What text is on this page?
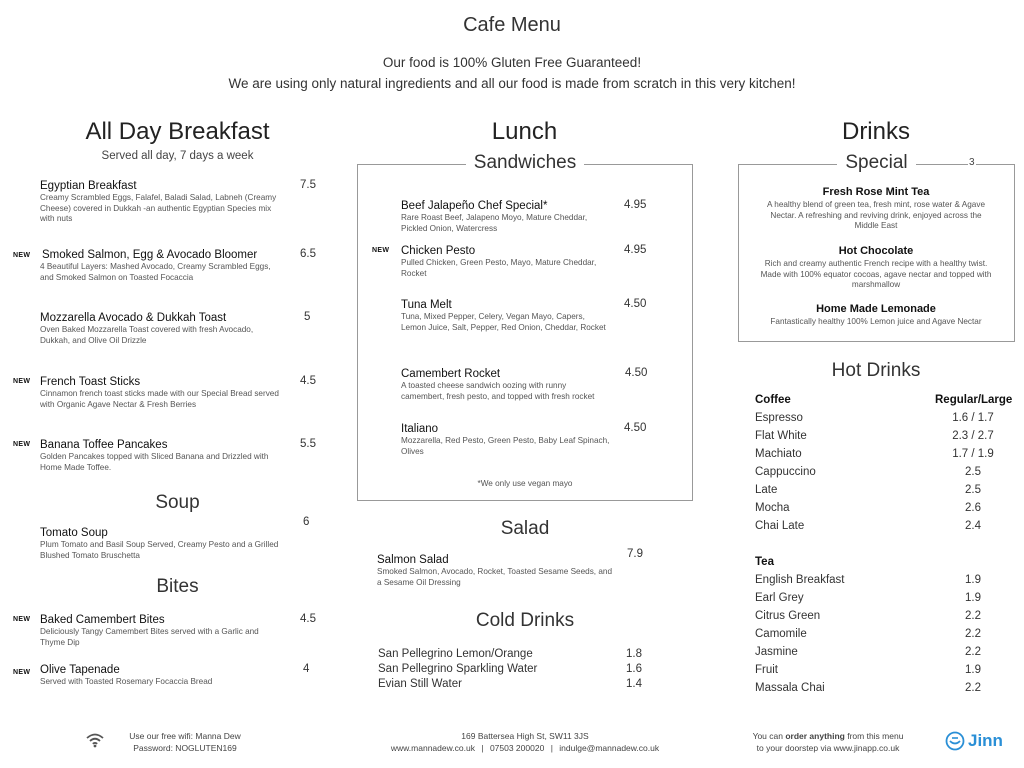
Cafe Menu
Our food is 100% Gluten Free Guaranteed!
We are using only natural ingredients and all our food is made from scratch in this very kitchen!
All Day Breakfast
Served all day, 7 days a week
Egyptian Breakfast
Creamy Scrambled Eggs, Falafel, Baladi Salad, Labneh (Creamy Cheese) covered in Dukkah -an authentic Egyptian Species mix with nuts
7.5
NEW Smoked Salmon, Egg & Avocado Bloomer
4 Beautiful Layers: Mashed Avocado, Creamy Scrambled Eggs, and Smoked Salmon on Toasted Focaccia
6.5
Mozzarella Avocado & Dukkah Toast
Oven Baked Mozzarella Toast covered with fresh Avocado, Dukkah, and Olive Oil Drizzle
5
NEW French Toast Sticks
Cinnamon french toast sticks made with our Special Bread served with Organic Agave Nectar & Fresh Berries
4.5
NEW Banana Toffee Pancakes
Golden Pancakes topped with Sliced Banana and Drizzled with Home Made Toffee.
5.5
Soup
Tomato Soup
Plum Tomato and Basil Soup Served, Creamy Pesto and a Grilled Blushed Tomato Bruschetta
6
Bites
NEW Baked Camembert Bites
Deliciously Tangy Camembert Bites served with a Garlic and Thyme Dip
4.5
NEW Olive Tapenade
Served with Toasted Rosemary Focaccia Bread
4
Lunch
Sandwiches
Beef Jalapeño Chef Special*
Rare Roast Beef, Jalapeno Moyo, Mature Cheddar, Pickled Onion, Watercress
4.95
NEW Chicken Pesto
Pulled Chicken, Green Pesto, Mayo, Mature Cheddar, Rocket
4.95
Tuna Melt
Tuna, Mixed Pepper, Celery, Vegan Mayo, Capers, Lemon Juice, Salt, Pepper, Red Onion, Cheddar, Rocket
4.50
Camembert Rocket
A toasted cheese sandwich oozing with runny camembert, fresh pesto, and topped with fresh rocket
4.50
Italiano
Mozzarella, Red Pesto, Green Pesto, Baby Leaf Spinach, Olives
4.50
*We only use vegan mayo
Salad
Salmon Salad
Smoked Salmon, Avocado, Rocket, Toasted Sesame Seeds, and a Sesame Oil Dressing
7.9
Cold Drinks
San Pellegrino Lemon/Orange	1.8
San Pellegrino Sparkling Water	1.6
Evian Still Water	1.4
Drinks
Special	3
Fresh Rose Mint Tea
A healthy blend of green tea, fresh mint, rose water & Agave Nectar. A refreshing and reviving drink, enjoyed across the Middle East
Hot Chocolate
Rich and creamy authentic French recipe with a healthy twist. Made with 100% equator cocoas, agave nectar and topped with marshmallow
Home Made Lemonade
Fantastically healthy 100% Lemon juice and Agave Nectar
Hot Drinks
Coffee	Regular/Large
Espresso	1.6 / 1.7
Flat White	2.3 / 2.7
Machiato	1.7 / 1.9
Cappuccino	2.5
Late	2.5
Mocha	2.6
Chai Late	2.4
Tea
English Breakfast	1.9
Earl Grey	1.9
Citrus Green	2.2
Camomile	2.2
Jasmine	2.2
Fruit	1.9
Massala Chai	2.2
Use our free wifi: Manna Dew
Password: NOGLUTEN169
169 Battersea High St, SW11 3JS
www.mannadew.co.uk | 07503 200020 | indulge@mannadew.co.uk
You can order anything from this menu
to your doorstep via www.jinapp.co.uk	Jinn
